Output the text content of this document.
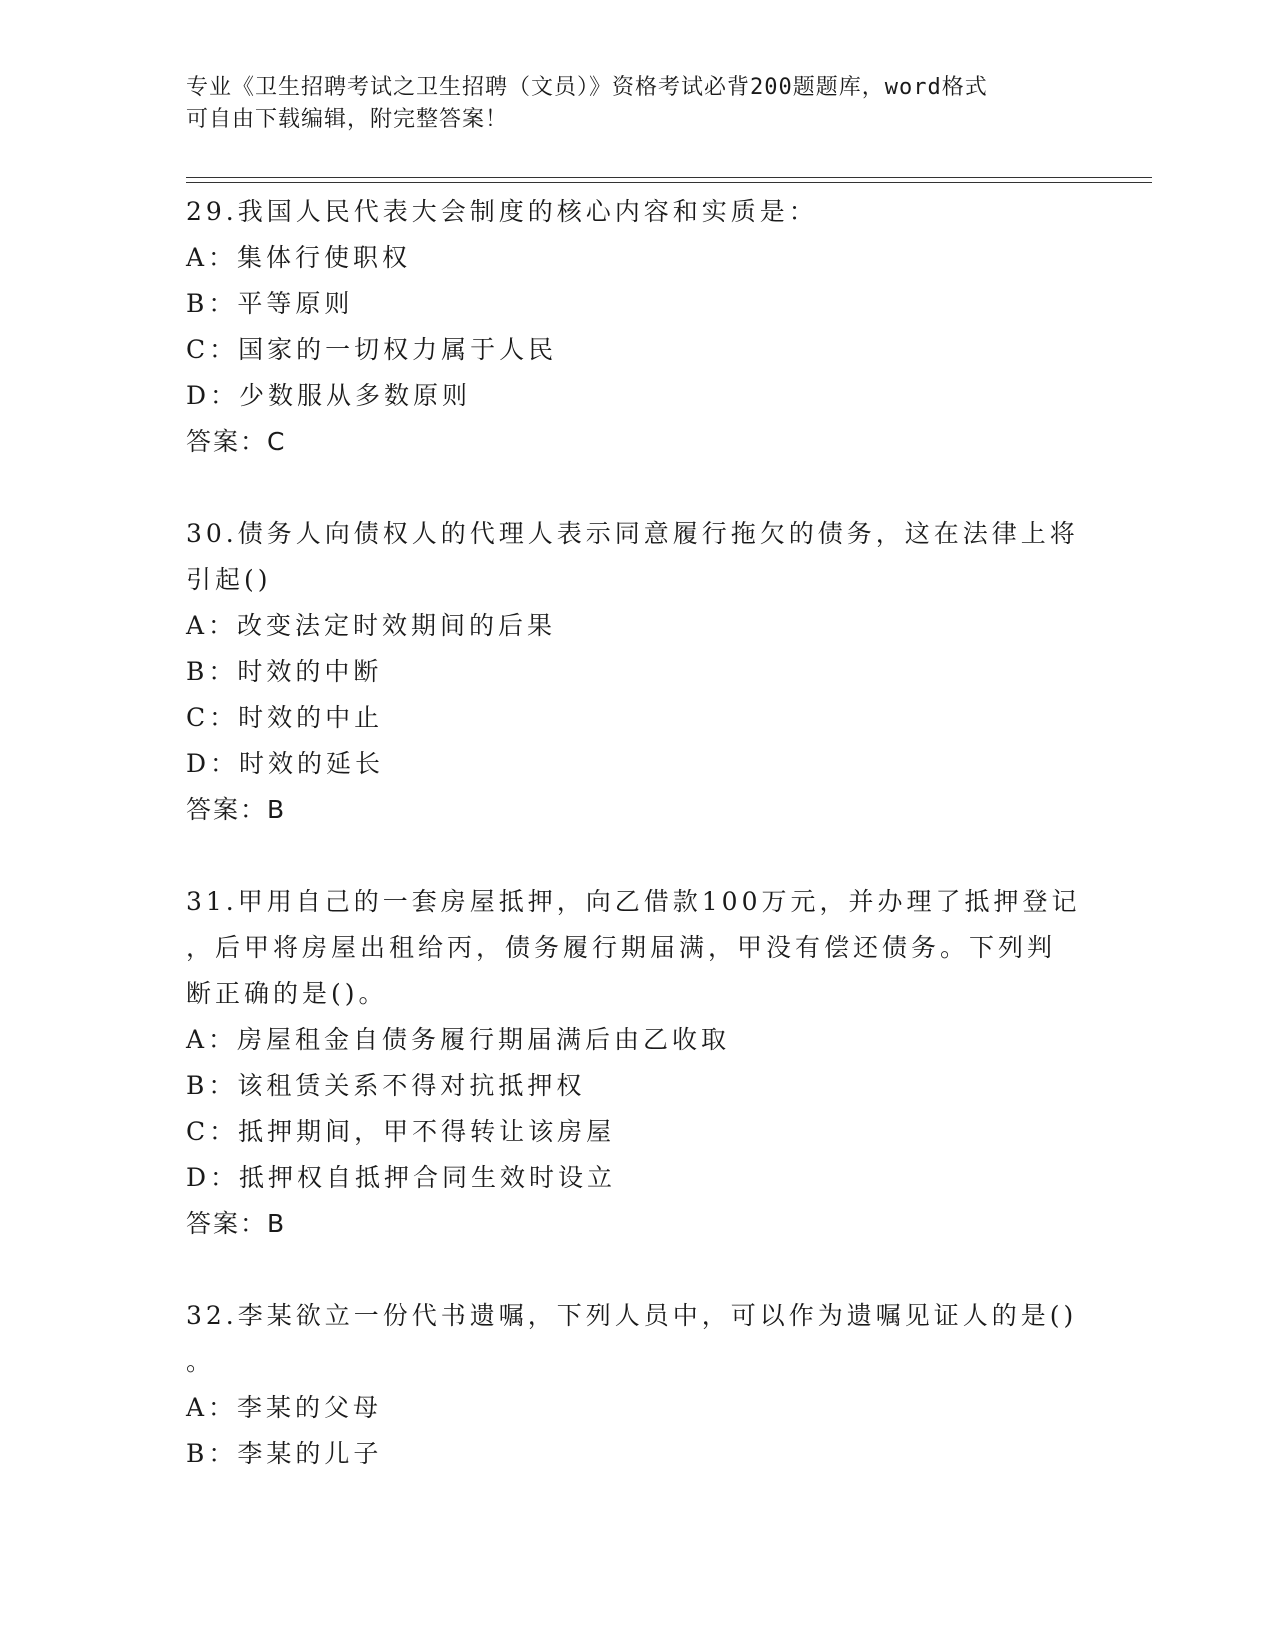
专业《卫生招聘考试之卫生招聘（文员）》资格考试必背200题题库，word格式
可自由下载编辑，附完整答案！
29.我国人民代表大会制度的核心内容和实质是：
A：集体行使职权
B：平等原则
C：国家的一切权力属于人民
D：少数服从多数原则
答案：C
30.债务人向债权人的代理人表示同意履行拖欠的债务，这在法律上将
引起()
A：改变法定时效期间的后果
B：时效的中断
C：时效的中止
D：时效的延长
答案：B
31.甲用自己的一套房屋抵押，向乙借款100万元，并办理了抵押登记
，后甲将房屋出租给丙，债务履行期届满，甲没有偿还债务。下列判
断正确的是()。
A：房屋租金自债务履行期届满后由乙收取
B：该租赁关系不得对抗抵押权
C：抵押期间，甲不得转让该房屋
D：抵押权自抵押合同生效时设立
答案：B
32.李某欲立一份代书遗嘱，下列人员中，可以作为遗嘱见证人的是()
。
A：李某的父母
B：李某的儿子
